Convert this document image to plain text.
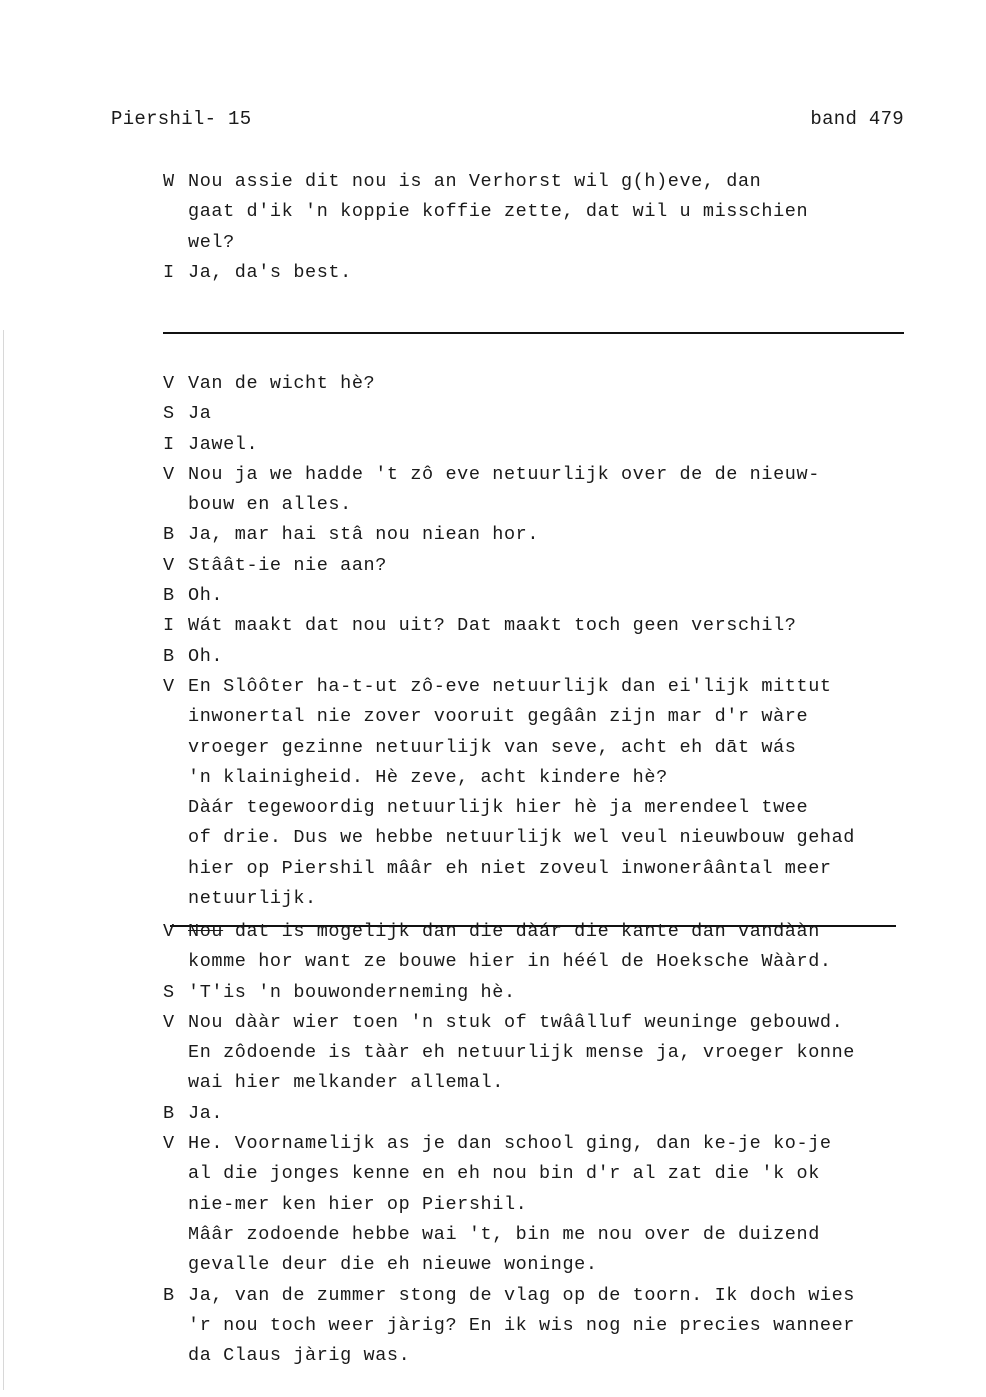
Piershil- 15	band 479
W Nou assie dit nou is an Verhorst wil g(h)eve, dan
gaat d'ik 'n koppie koffie zette, dat wil u misschien
wel?
I Ja, da's best.
V Van de wicht hè?
S Ja
I Jawel.
V Nou ja we hadde 't zô eve netuurlijk over de de nieuw-
bouw en alles.
B Ja, mar hai stâ nou niean hor.
V Stâât-ie nie aan?
B Oh.
I Wát maakt dat nou uit? Dat maakt toch geen verschil?
B Oh.
V En Slôôter ha-t-ut zô-eve netuurlijk dan ei'lijk mittut
inwonertal nie zover vooruit gegâân zijn mar d'r wàre
vroeger gezinne netuurlijk van seve, acht eh dāt wás
'n klainigheid. Hè zeve, acht kindere hè?
Dàár tegewoordig netuurlijk hier hè ja merendeel twee
of drie. Dus we hebbe netuurlijk wel veul nieuwbouw gehad
hier op Piershil mââr eh niet zoveul inwonerâântal meer
netuurlijk.
V Nou dat is mogelijk dan die dàár die kante dan vandààn
komme hor want ze bouwe hier in héél de Hoeksche Wààrd.
S 'T'is 'n bouwonderneming hè.
V Nou dààr wier toen 'n stuk of twââlluf weuninge gebouwd.
En zôdoende is tààr eh netuurlijk mense ja, vroeger konne
wai hier melkander allemal.
B Ja.
V He. Voornamelijk as je dan school ging, dan ke-je ko-je
al die jonges kenne en eh nou bin d'r al zat die 'k ok
nie-mer ken hier op Piershil.
Mââr zodoende hebbe wai 't, bin me nou over de duizend
gevalle deur die eh nieuwe woninge.
B Ja, van de zummer stong de vlag op de toorn. Ik doch wies
'r nou toch weer jàrig? En ik wis nog nie precies wanneer
da Claus jàrig was.
